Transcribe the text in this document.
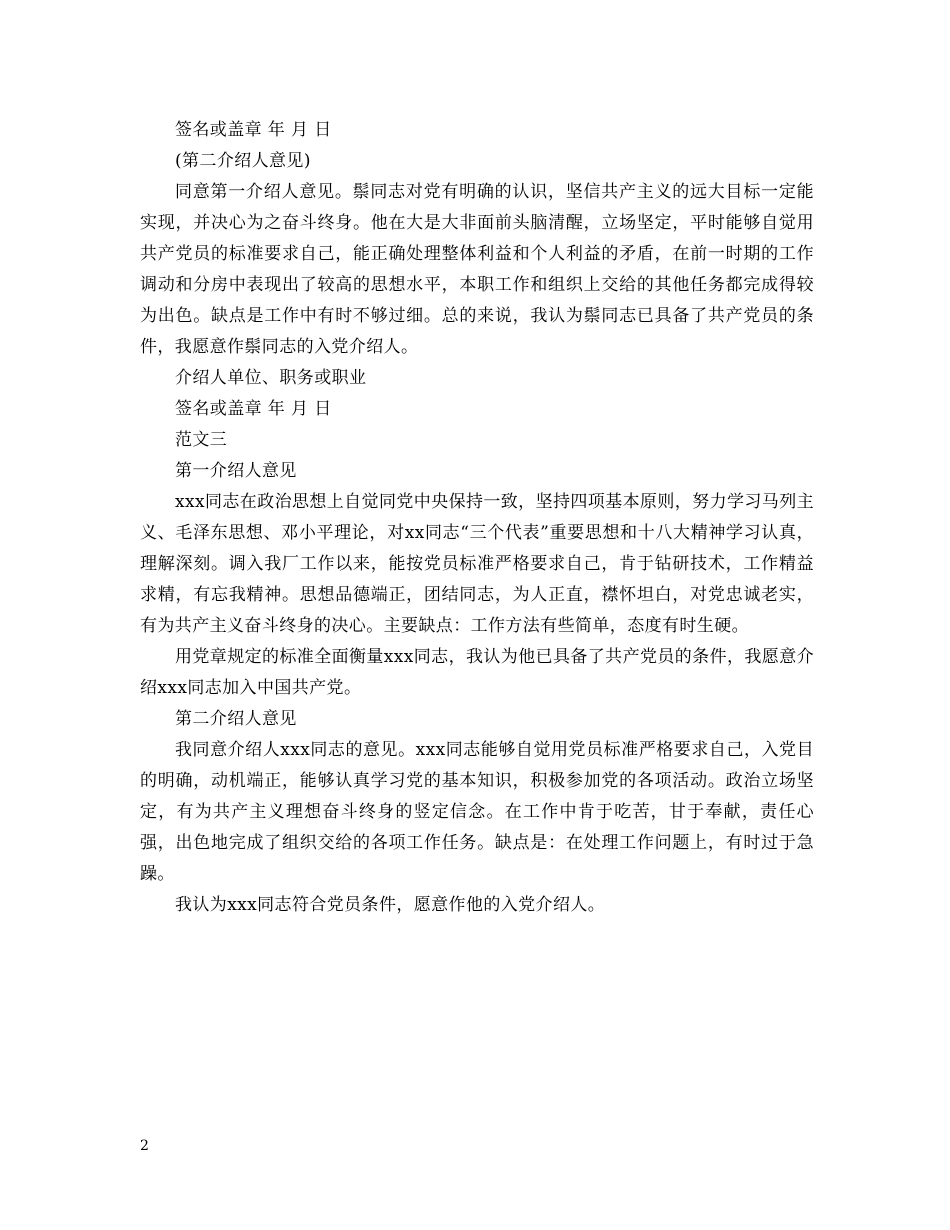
签名或盖章 年 月 日

(第二介绍人意见)

同意第一介绍人意见。鬃同志对党有明确的认识，坚信共产主义的远大目标一定能实现，并决心为之奋斗终身。他在大是大非面前头脑清醒，立场坚定，平时能够自觉用共产党员的标准要求自己，能正确处理整体利益和个人利益的矛盾，在前一时期的工作调动和分房中表现出了较高的思想水平，本职工作和组织上交给的其他任务都完成得较为出色。缺点是工作中有时不够过细。总的来说，我认为鬃同志已具备了共产党员的条件，我愿意作鬃同志的入党介绍人。

介绍人单位、职务或职业

签名或盖章 年 月 日

范文三

第一介绍人意见

xxx同志在政治思想上自觉同党中央保持一致，坚持四项基本原则，努力学习马列主义、毛泽东思想、邓小平理论，对xx同志“三个代表”重要思想和十八大精神学习认真，理解深刻。调入我厂工作以来，能按党员标准严格要求自己，肯于钻研技术，工作精益求精，有忘我精神。思想品德端正，团结同志，为人正直，襟怀坦白，对党忠诚老实，有为共产主义奋斗终身的决心。主要缺点：工作方法有些简单，态度有时生硬。

用党章规定的标准全面衡量xxx同志，我认为他已具备了共产党员的条件，我愿意介绍xxx同志加入中国共产党。

第二介绍人意见

我同意介绍人xxx同志的意见。xxx同志能够自觉用党员标准严格要求自己，入党目的明确，动机端正，能够认真学习党的基本知识，积极参加党的各项活动。政治立场坚定，有为共产主义理想奋斗终身的竖定信念。在工作中肯于吃苦，甘于奉献，责任心强，出色地完成了组织交给的各项工作任务。缺点是：在处理工作问题上，有时过于急躁。

我认为xxx同志符合党员条件，愿意作他的入党介绍人。

2
